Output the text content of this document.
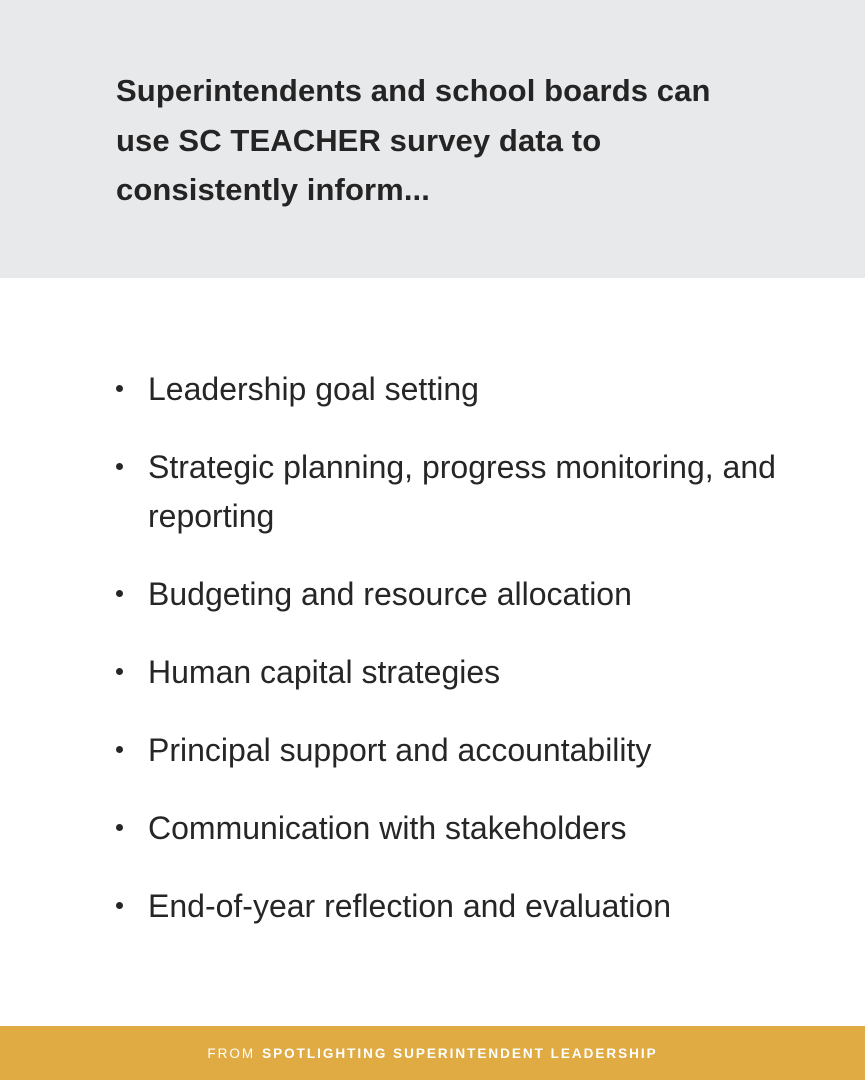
Superintendents and school boards can use SC TEACHER survey data to consistently inform...
Leadership goal setting
Strategic planning, progress monitoring, and reporting
Budgeting and resource allocation
Human capital strategies
Principal support and accountability
Communication with stakeholders
End-of-year reflection and evaluation
FROM SPOTLIGHTING SUPERINTENDENT LEADERSHIP
